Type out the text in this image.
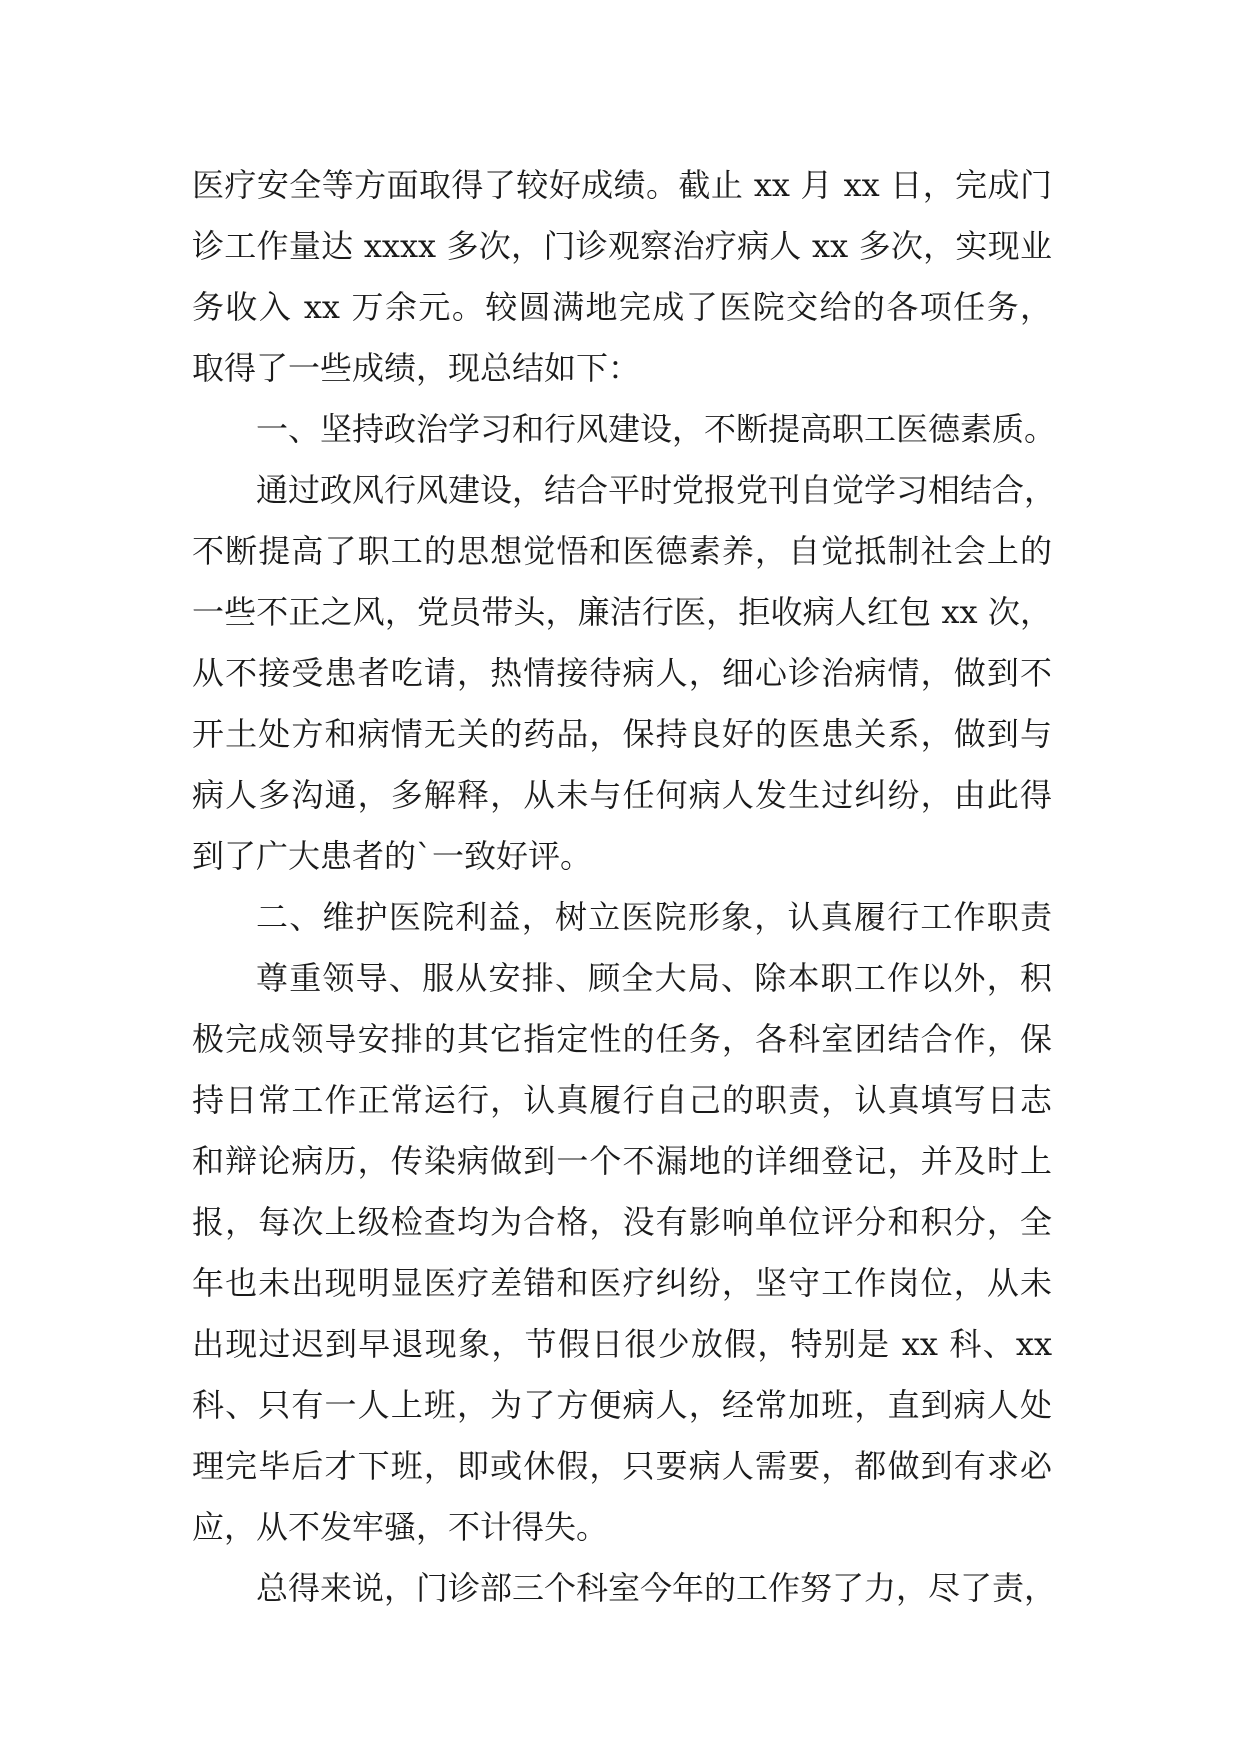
医疗安全等方面取得了较好成绩。截止 xx 月 xx 日，完成门
诊工作量达 xxxx 多次，门诊观察治疗病人 xx 多次，实现业
务收入 xx 万余元。较圆满地完成了医院交给的各项任务，
取得了一些成绩，现总结如下：
一、坚持政治学习和行风建设，不断提高职工医德素质。
通过政风行风建设，结合平时党报党刊自觉学习相结合，
不断提高了职工的思想觉悟和医德素养，自觉抵制社会上的
一些不正之风，党员带头，廉洁行医，拒收病人红包 xx 次，
从不接受患者吃请，热情接待病人，细心诊治病情，做到不
开土处方和病情无关的药品，保持良好的医患关系，做到与
病人多沟通，多解释，从未与任何病人发生过纠纷，由此得
到了广大患者的`一致好评。
二、维护医院利益，树立医院形象，认真履行工作职责
尊重领导、服从安排、顾全大局、除本职工作以外，积
极完成领导安排的其它指定性的任务，各科室团结合作，保
持日常工作正常运行，认真履行自己的职责，认真填写日志
和辩论病历，传染病做到一个不漏地的详细登记，并及时上
报，每次上级检查均为合格，没有影响单位评分和积分，全
年也未出现明显医疗差错和医疗纠纷，坚守工作岗位，从未
出现过迟到早退现象，节假日很少放假，特别是 xx 科、xx
科、只有一人上班，为了方便病人，经常加班，直到病人处
理完毕后才下班，即或休假，只要病人需要，都做到有求必
应，从不发牢骚，不计得失。
总得来说，门诊部三个科室今年的工作努了力，尽了责，
